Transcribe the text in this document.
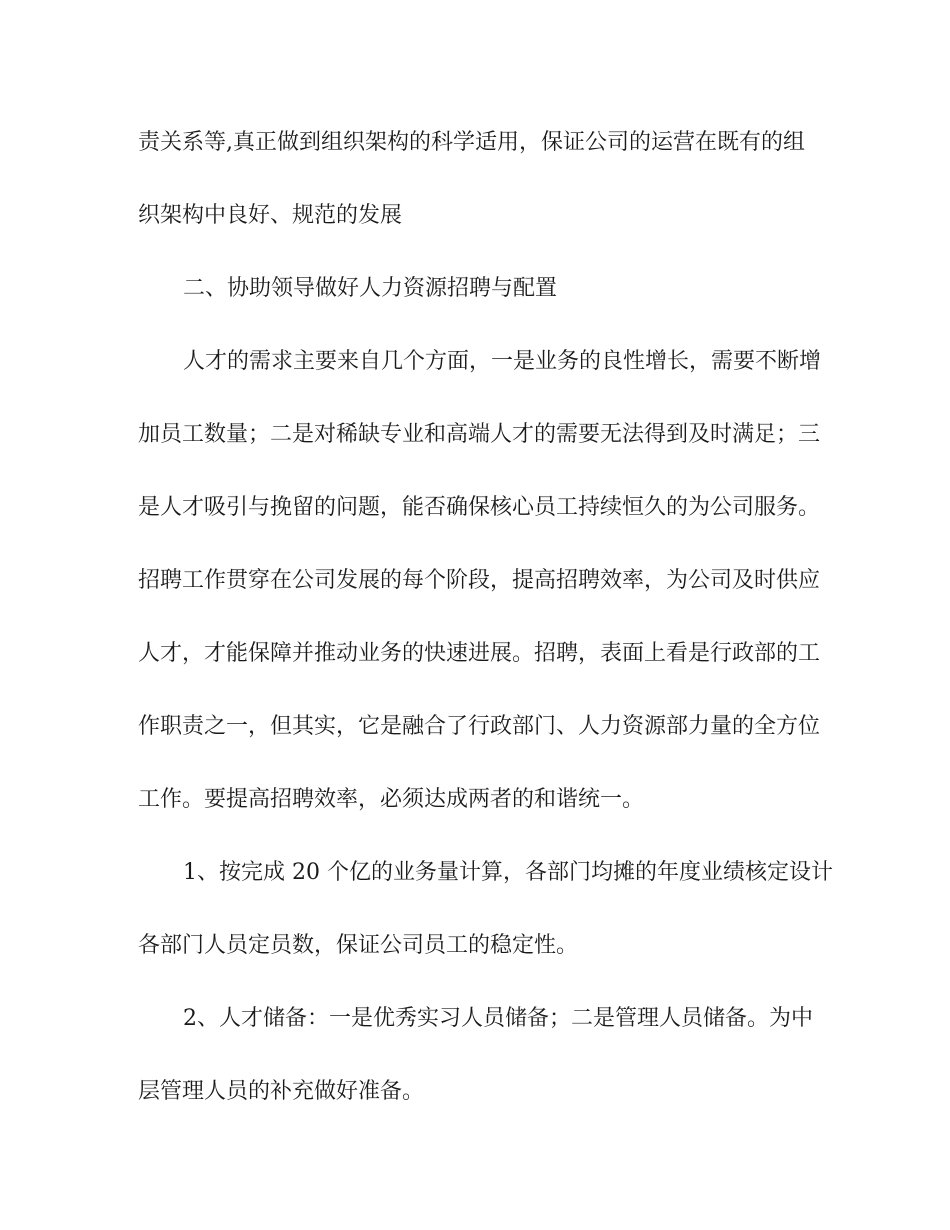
责关系等,真正做到组织架构的科学适用，保证公司的运营在既有的组
织架构中良好、规范的发展
二、协助领导做好人力资源招聘与配置
人才的需求主要来自几个方面，一是业务的良性增长，需要不断增
加员工数量；二是对稀缺专业和高端人才的需要无法得到及时满足；三
是人才吸引与挽留的问题，能否确保核心员工持续恒久的为公司服务。
招聘工作贯穿在公司发展的每个阶段，提高招聘效率，为公司及时供应
人才，才能保障并推动业务的快速进展。招聘，表面上看是行政部的工
作职责之一，但其实，它是融合了行政部门、人力资源部力量的全方位
工作。要提高招聘效率，必须达成两者的和谐统一。
1、按完成 20 个亿的业务量计算，各部门均摊的年度业绩核定设计
各部门人员定员数，保证公司员工的稳定性。
2、人才储备：一是优秀实习人员储备；二是管理人员储备。为中
层管理人员的补充做好准备。
